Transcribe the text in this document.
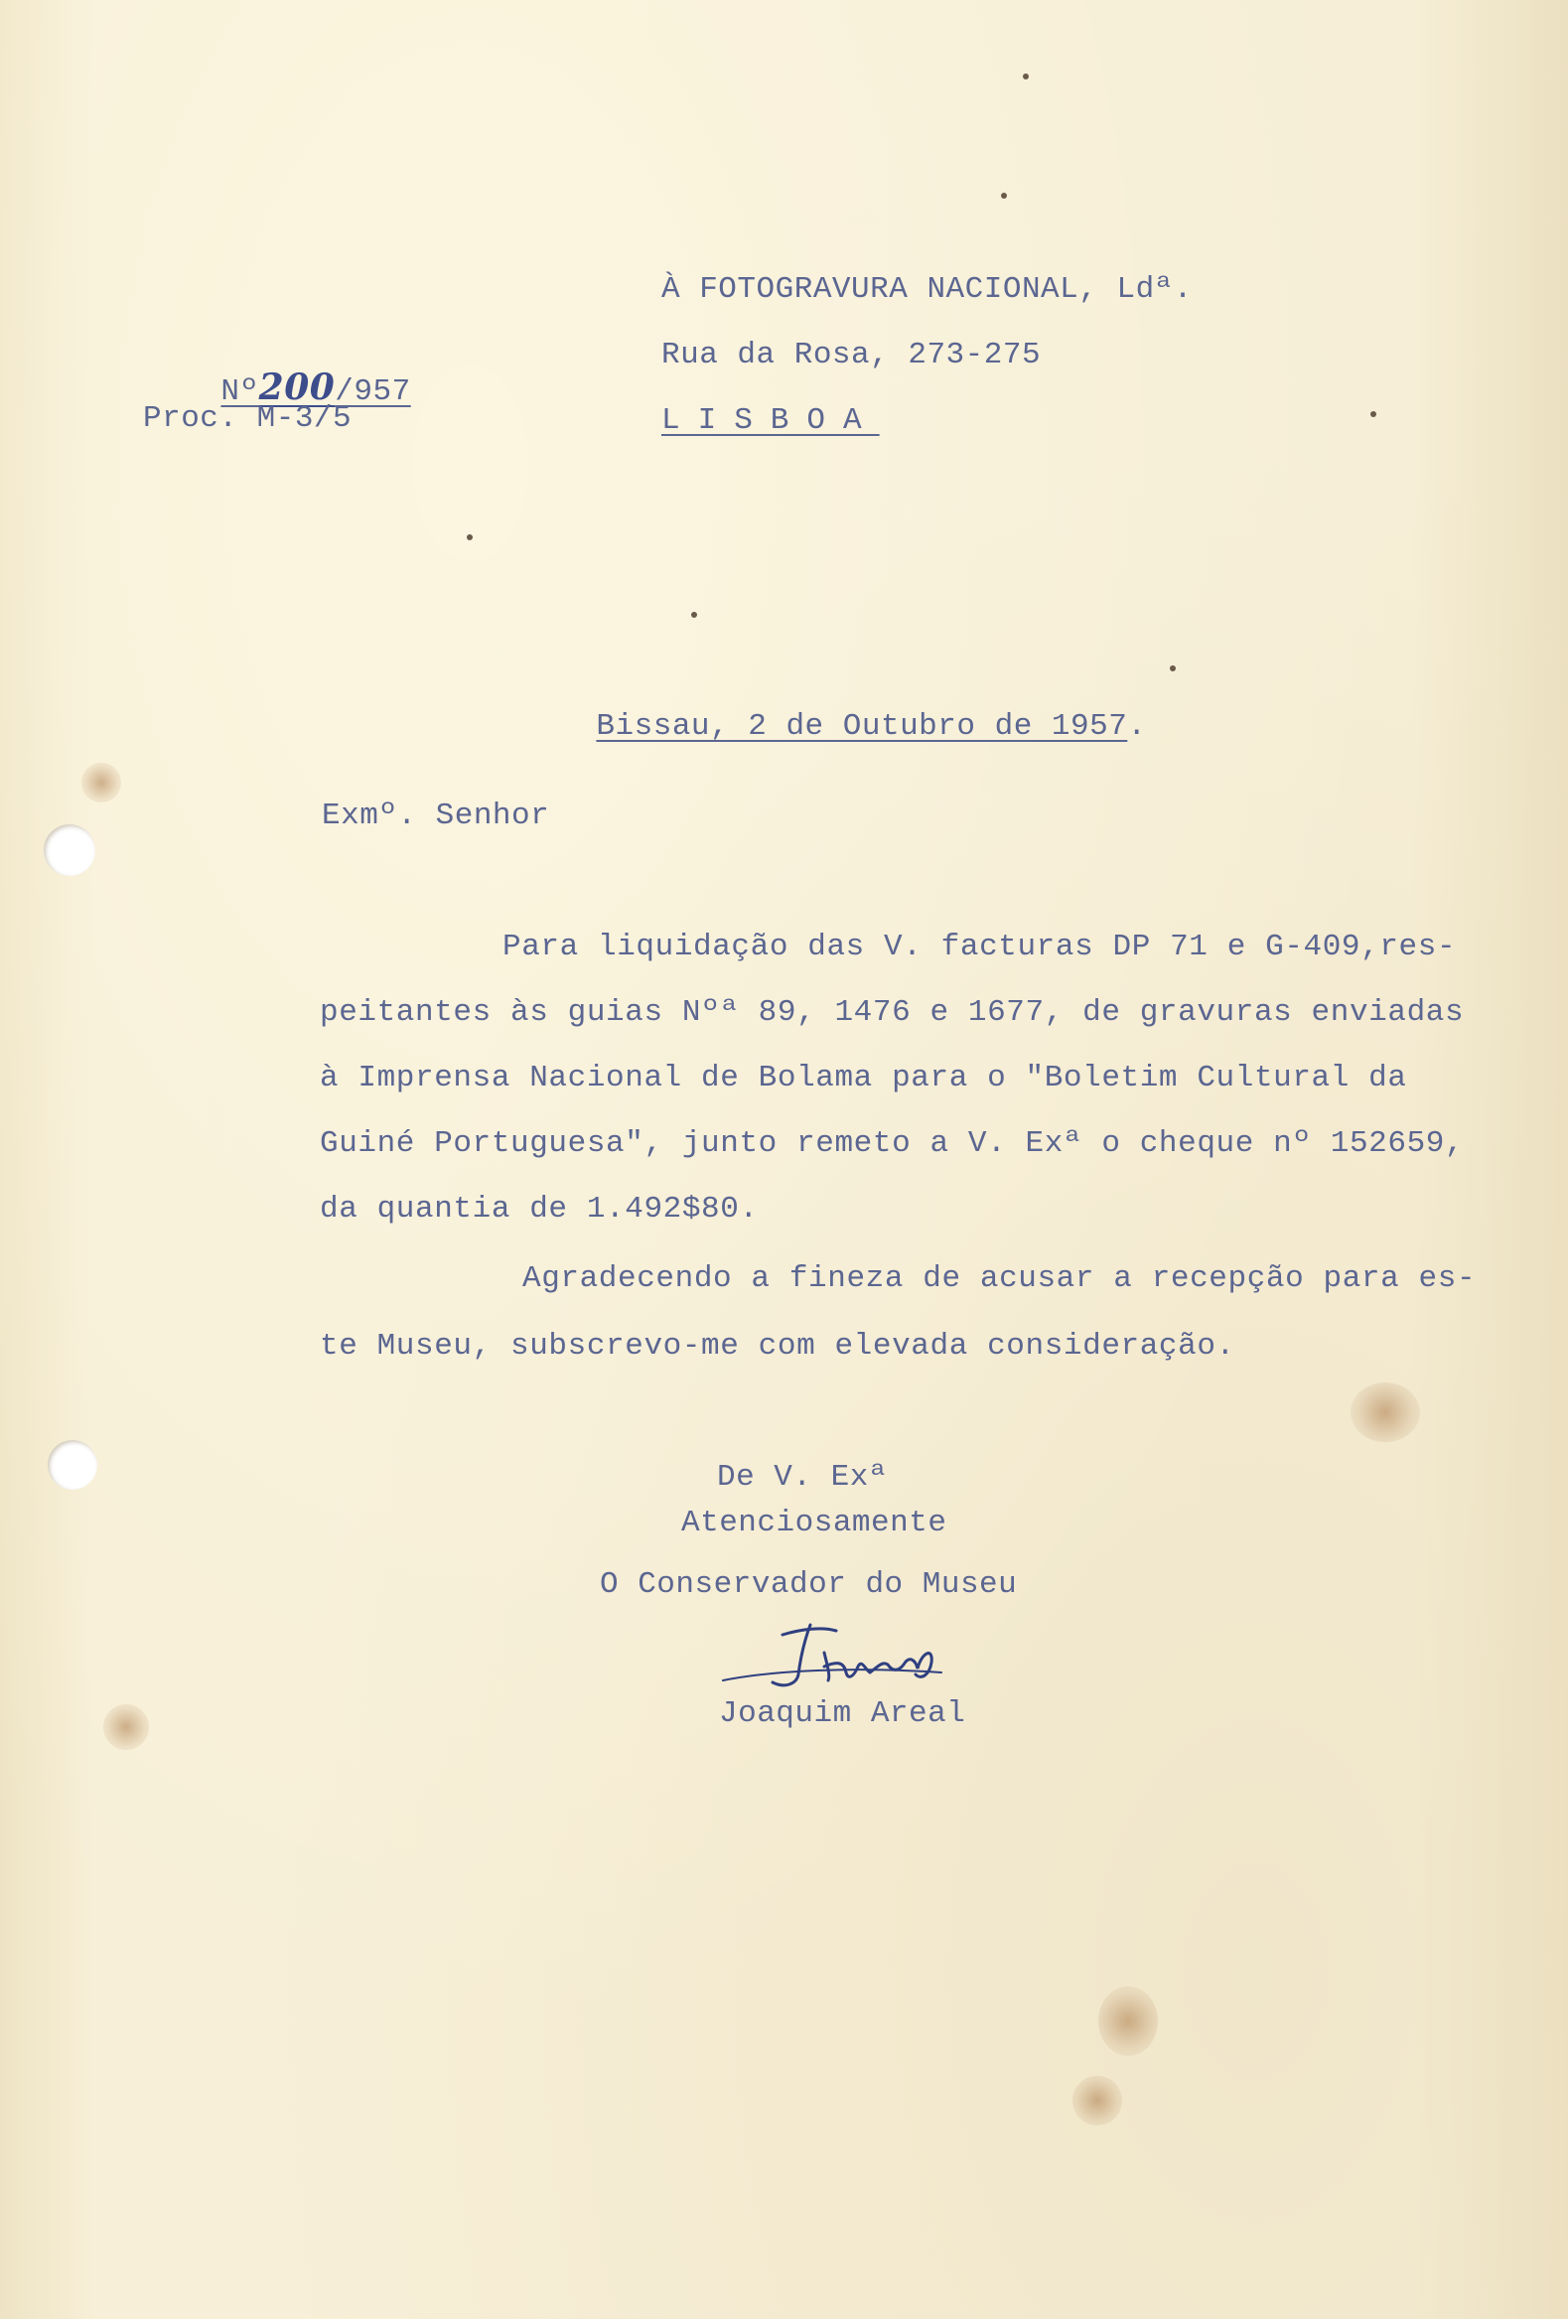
Nº200/957

Proc. M-3/5
À FOTOGRAVURA NACIONAL, Ldª.
Rua da Rosa, 273-275
LISBOA

Bissau, 2 de Outubro de 1957.

Exmº. Senhor
Para liquidação das V. facturas DP 71 e G-409,res-
peitantes às guias Nºª 89, 1476 e 1677, de gravuras enviadas
à Imprensa Nacional de Bolama para o "Boletim Cultural da
Guiné Portuguesa", junto remeto a V. Exª o cheque nº 152659,
da quantia de 1.492$80.
Agradecendo a fineza de acusar a recepção para es-
te Museu, subscrevo-me com elevada consideração.
De V. Exª
Atenciosamente
O Conservador do Museu
Joaquim Areal
